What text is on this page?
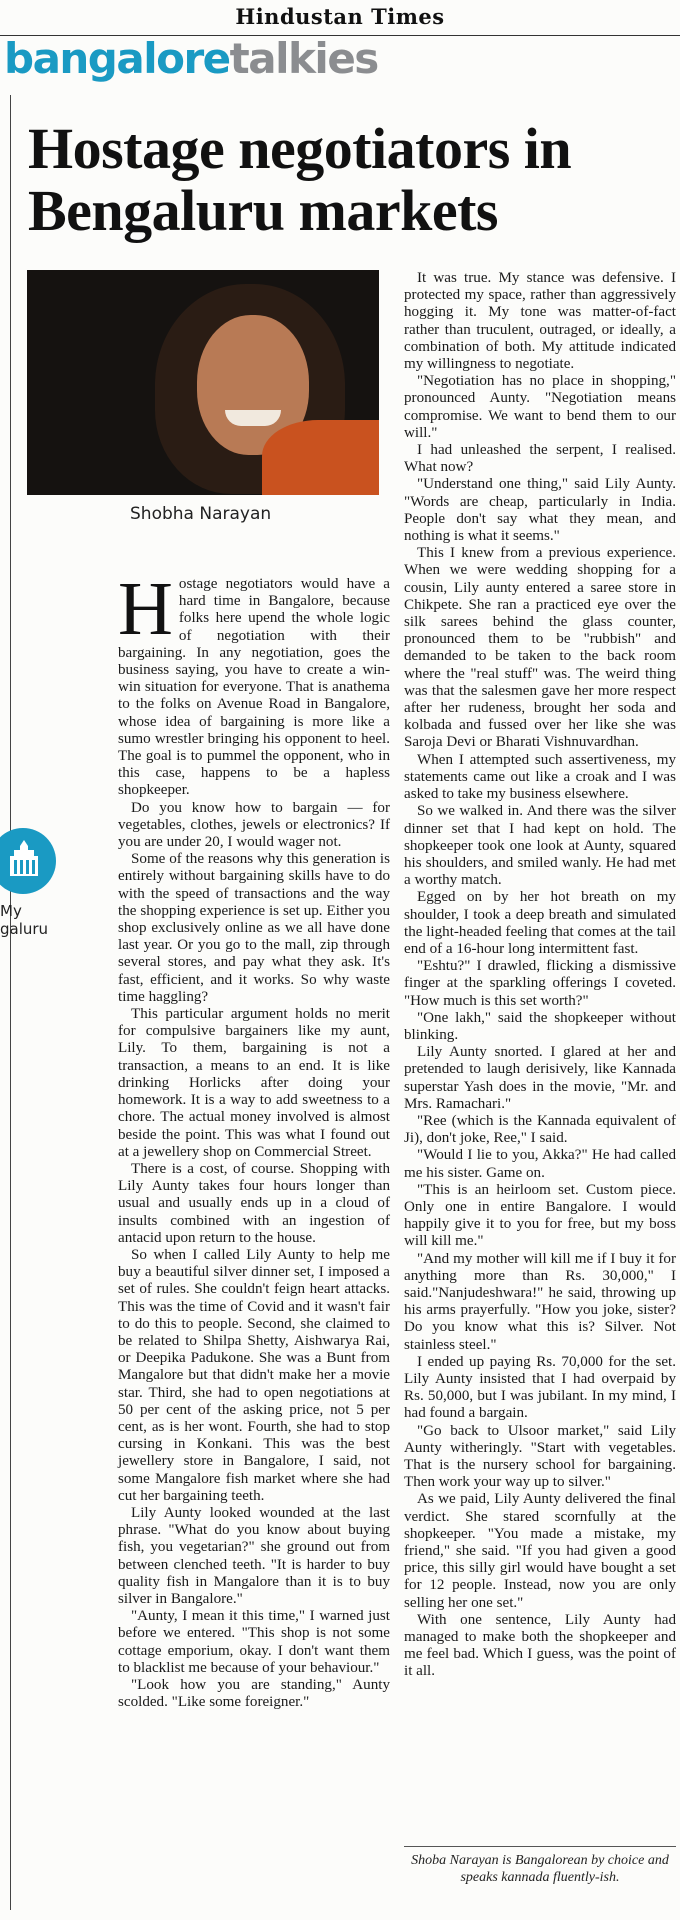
Hindustan Times
bangaloretalkies
My
galuru
Hostage negotiators in Bengaluru markets
Shobha Narayan

Hostage negotiators would have a hard time in Bangalore, because folks here upend the whole logic of negotiation with their bargaining. In any negotiation, goes the business saying, you have to create a win-win situation for everyone. That is anathema to the folks on Avenue Road in Bangalore, whose idea of bargaining is more like a sumo wrestler bringing his opponent to heel. The goal is to pummel the opponent, who in this case, happens to be a hapless shopkeeper.

Do you know how to bargain — for vegetables, clothes, jewels or electronics? If you are under 20, I would wager not.

Some of the reasons why this generation is entirely without bargaining skills have to do with the speed of transactions and the way the shopping experience is set up. Either you shop exclusively online as we all have done last year. Or you go to the mall, zip through several stores, and pay what they ask. It's fast, efficient, and it works. So why waste time haggling?

This particular argument holds no merit for compulsive bargainers like my aunt, Lily. To them, bargaining is not a transaction, a means to an end. It is like drinking Horlicks after doing your homework. It is a way to add sweetness to a chore. The actual money involved is almost beside the point. This was what I found out at a jewellery shop on Commercial Street.

There is a cost, of course. Shopping with Lily Aunty takes four hours longer than usual and usually ends up in a cloud of insults combined with an ingestion of antacid upon return to the house.

So when I called Lily Aunty to help me buy a beautiful silver dinner set, I imposed a set of rules. She couldn't feign heart attacks. This was the time of Covid and it wasn't fair to do this to people. Second, she claimed to be related to Shilpa Shetty, Aishwarya Rai, or Deepika Padukone. She was a Bunt from Mangalore but that didn't make her a movie star. Third, she had to open negotiations at 50 per cent of the asking price, not 5 per cent, as is her wont. Fourth, she had to stop cursing in Konkani. This was the best jewellery store in Bangalore, I said, not some Mangalore fish market where she had cut her bargaining teeth.

Lily Aunty looked wounded at the last phrase. "What do you know about buying fish, you vegetarian?" she ground out from between clenched teeth. "It is harder to buy quality fish in Mangalore than it is to buy silver in Bangalore."

"Aunty, I mean it this time," I warned just before we entered. "This shop is not some cottage emporium, okay. I don't want them to blacklist me because of your behaviour."

"Look how you are standing," Aunty scolded. "Like some foreigner."

It was true. My stance was defensive. I protected my space, rather than aggressively hogging it. My tone was matter-of-fact rather than truculent, outraged, or ideally, a combination of both. My attitude indicated my willingness to negotiate.

"Negotiation has no place in shopping," pronounced Aunty. "Negotiation means compromise. We want to bend them to our will."

I had unleashed the serpent, I realised. What now?

"Understand one thing," said Lily Aunty. "Words are cheap, particularly in India. People don't say what they mean, and nothing is what it seems."

This I knew from a previous experience. When we were wedding shopping for a cousin, Lily aunty entered a saree store in Chikpete. She ran a practiced eye over the silk sarees behind the glass counter, pronounced them to be "rubbish" and demanded to be taken to the back room where the "real stuff" was. The weird thing was that the salesmen gave her more respect after her rudeness, brought her soda and kolbada and fussed over her like she was Saroja Devi or Bharati Vishnuvardhan.

When I attempted such assertiveness, my statements came out like a croak and I was asked to take my business elsewhere.

So we walked in. And there was the silver dinner set that I had kept on hold. The shopkeeper took one look at Aunty, squared his shoulders, and smiled wanly. He had met a worthy match.

Egged on by her hot breath on my shoulder, I took a deep breath and simulated the light-headed feeling that comes at the tail end of a 16-hour long intermittent fast.

"Eshtu?" I drawled, flicking a dismissive finger at the sparkling offerings I coveted. "How much is this set worth?"

"One lakh," said the shopkeeper without blinking.

Lily Aunty snorted. I glared at her and pretended to laugh derisively, like Kannada superstar Yash does in the movie, "Mr. and Mrs. Ramachari."

"Ree (which is the Kannada equivalent of Ji), don't joke, Ree," I said.

"Would I lie to you, Akka?" He had called me his sister. Game on.

"This is an heirloom set. Custom piece. Only one in entire Bangalore. I would happily give it to you for free, but my boss will kill me."

"And my mother will kill me if I buy it for anything more than Rs. 30,000," I said."Nanjudeshwara!" he said, throwing up his arms prayerfully. "How you joke, sister? Do you know what this is? Silver. Not stainless steel."

I ended up paying Rs. 70,000 for the set. Lily Aunty insisted that I had overpaid by Rs. 50,000, but I was jubilant. In my mind, I had found a bargain.

"Go back to Ulsoor market," said Lily Aunty witheringly. "Start with vegetables. That is the nursery school for bargaining. Then work your way up to silver."

As we paid, Lily Aunty delivered the final verdict. She stared scornfully at the shopkeeper. "You made a mistake, my friend," she said. "If you had given a good price, this silly girl would have bought a set for 12 people. Instead, now you are only selling her one set."

With one sentence, Lily Aunty had managed to make both the shopkeeper and me feel bad. Which I guess, was the point of it all.

Shoba Narayan is Bangalorean by choice and speaks kannada fluently-ish.
